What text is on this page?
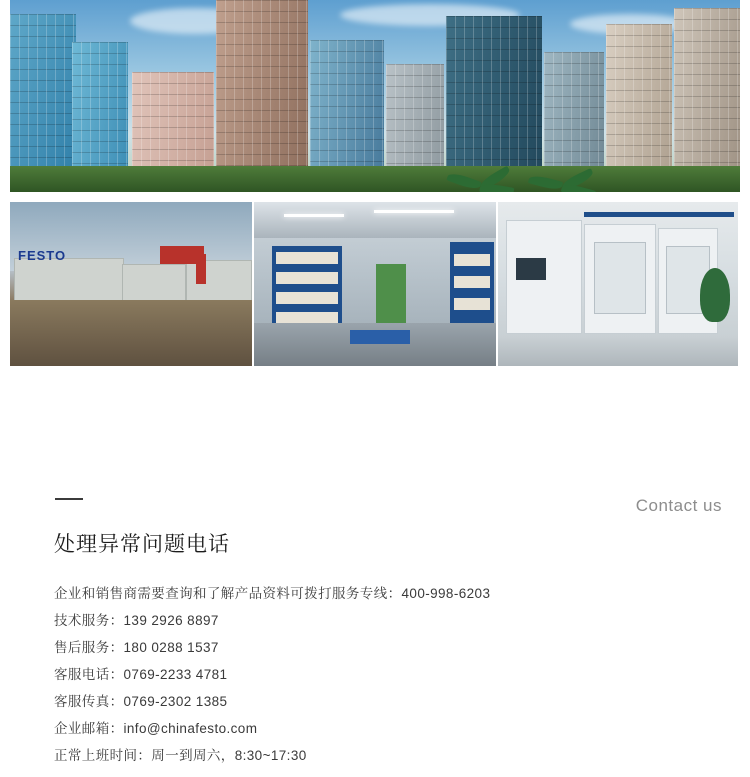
FESTO
Contact us
处理异常问题电话
企业和销售商需要查询和了解产品资料可拨打服务专线：400-998-6203
技术服务：139 2926 8897
售后服务：180 0288 1537
客服电话：0769-2233 4781
客服传真：0769-2302 1385
企业邮箱：info@chinafesto.com
正常上班时间：周一到周六，8:30~17:30
